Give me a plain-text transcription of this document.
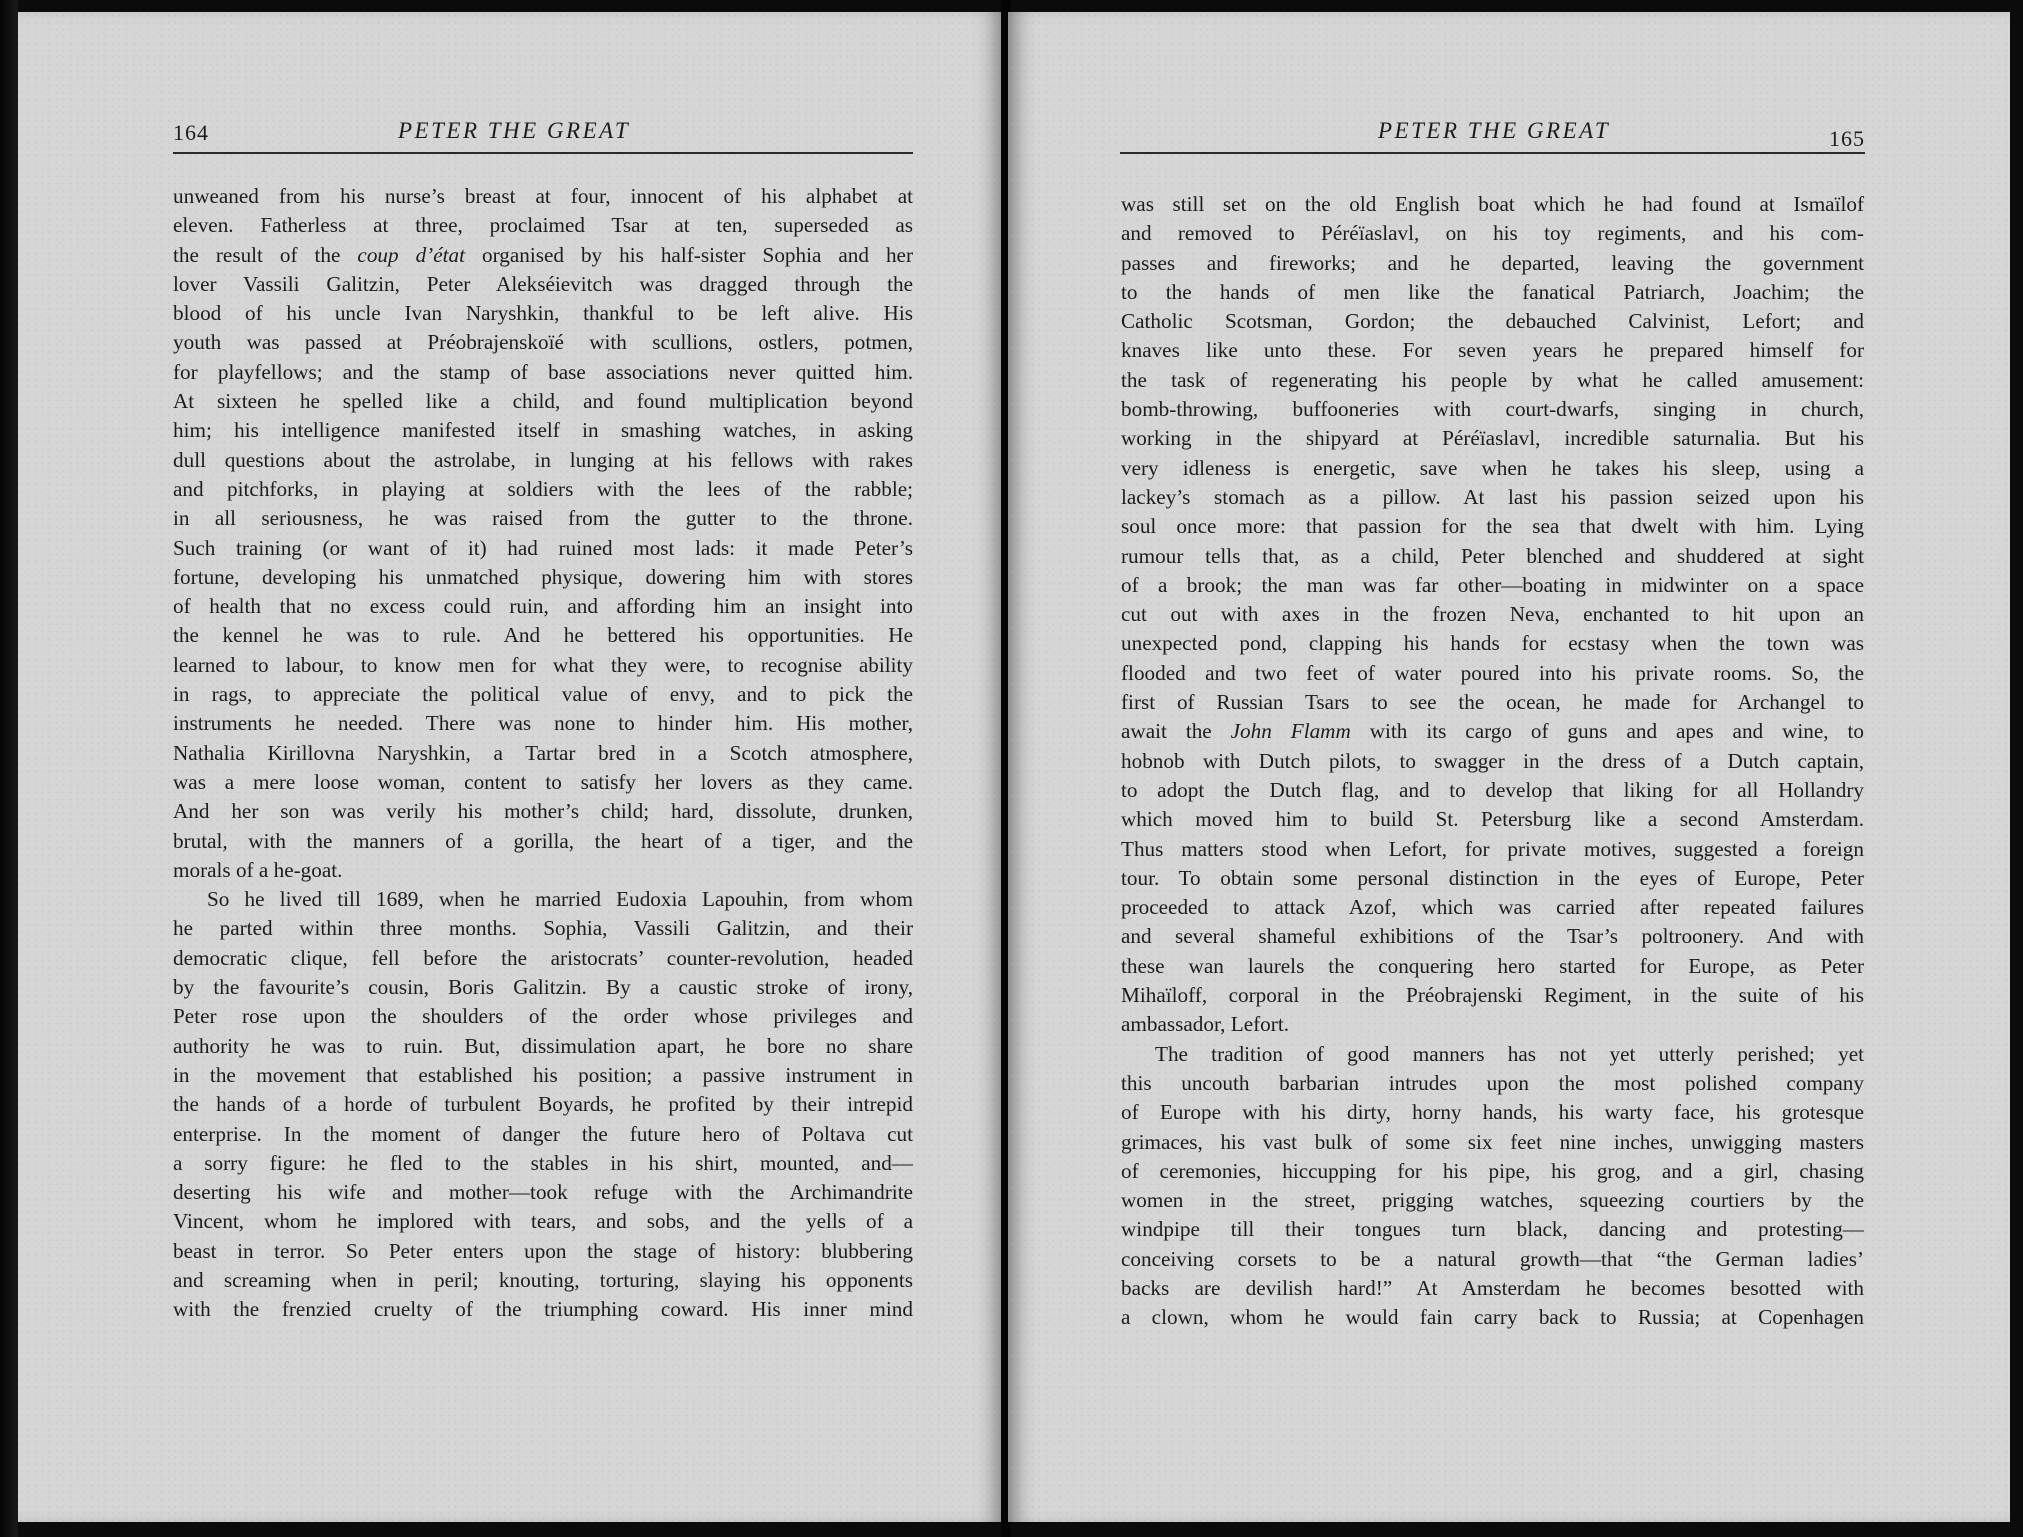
164	PETER THE GREAT

unweaned from his nurse’s breast at four, innocent of his alphabet at

eleven. Fatherless at three, proclaimed Tsar at ten, superseded as

the result of the coup d’état organised by his half-sister Sophia and her

lover Vassili Galitzin, Peter Alekséievitch was dragged through the

blood of his uncle Ivan Naryshkin, thankful to be left alive. His

youth was passed at Préobrajenskoïé with scullions, ostlers, potmen,

for playfellows; and the stamp of base associations never quitted him.

At sixteen he spelled like a child, and found multiplication beyond

him; his intelligence manifested itself in smashing watches, in asking

dull questions about the astrolabe, in lunging at his fellows with rakes

and pitchforks, in playing at soldiers with the lees of the rabble;

in all seriousness, he was raised from the gutter to the throne.

Such training (or want of it) had ruined most lads: it made Peter’s

fortune, developing his unmatched physique, dowering him with stores

of health that no excess could ruin, and affording him an insight into

the kennel he was to rule. And he bettered his opportunities. He

learned to labour, to know men for what they were, to recognise ability

in rags, to appreciate the political value of envy, and to pick the

instruments he needed. There was none to hinder him. His mother,

Nathalia Kirillovna Naryshkin, a Tartar bred in a Scotch atmosphere,

was a mere loose woman, content to satisfy her lovers as they came.

And her son was verily his mother’s child; hard, dissolute, drunken,

brutal, with the manners of a gorilla, the heart of a tiger, and the

morals of a he-goat.

So he lived till 1689, when he married Eudoxia Lapouhin, from whom

he parted within three months. Sophia, Vassili Galitzin, and their

democratic clique, fell before the aristocrats’ counter-revolution, headed

by the favourite’s cousin, Boris Galitzin. By a caustic stroke of irony,

Peter rose upon the shoulders of the order whose privileges and

authority he was to ruin. But, dissimulation apart, he bore no share

in the movement that established his position; a passive instrument in

the hands of a horde of turbulent Boyards, he profited by their intrepid

enterprise. In the moment of danger the future hero of Poltava cut

a sorry figure: he fled to the stables in his shirt, mounted, and—

deserting his wife and mother—took refuge with the Archimandrite

Vincent, whom he implored with tears, and sobs, and the yells of a

beast in terror. So Peter enters upon the stage of history: blubbering

and screaming when in peril; knouting, torturing, slaying his opponents

with the frenzied cruelty of the triumphing coward. His inner mind

PETER THE GREAT	165

was still set on the old English boat which he had found at Ismaïlof

and removed to Péréïaslavl, on his toy regiments, and his com-

passes and fireworks; and he departed, leaving the government

to the hands of men like the fanatical Patriarch, Joachim; the

Catholic Scotsman, Gordon; the debauched Calvinist, Lefort; and

knaves like unto these. For seven years he prepared himself for

the task of regenerating his people by what he called amusement:

bomb-throwing, buffooneries with court-dwarfs, singing in church,

working in the shipyard at Péréïaslavl, incredible saturnalia. But his

very idleness is energetic, save when he takes his sleep, using a

lackey’s stomach as a pillow. At last his passion seized upon his

soul once more: that passion for the sea that dwelt with him. Lying

rumour tells that, as a child, Peter blenched and shuddered at sight

of a brook; the man was far other—boating in midwinter on a space

cut out with axes in the frozen Neva, enchanted to hit upon an

unexpected pond, clapping his hands for ecstasy when the town was

flooded and two feet of water poured into his private rooms. So, the

first of Russian Tsars to see the ocean, he made for Archangel to

await the John Flamm with its cargo of guns and apes and wine, to

hobnob with Dutch pilots, to swagger in the dress of a Dutch captain,

to adopt the Dutch flag, and to develop that liking for all Hollandry

which moved him to build St. Petersburg like a second Amsterdam.

Thus matters stood when Lefort, for private motives, suggested a foreign

tour. To obtain some personal distinction in the eyes of Europe, Peter

proceeded to attack Azof, which was carried after repeated failures

and several shameful exhibitions of the Tsar’s poltroonery. And with

these wan laurels the conquering hero started for Europe, as Peter

Mihaïloff, corporal in the Préobrajenski Regiment, in the suite of his

ambassador, Lefort.

The tradition of good manners has not yet utterly perished; yet

this uncouth barbarian intrudes upon the most polished company

of Europe with his dirty, horny hands, his warty face, his grotesque

grimaces, his vast bulk of some six feet nine inches, unwigging masters

of ceremonies, hiccupping for his pipe, his grog, and a girl, chasing

women in the street, prigging watches, squeezing courtiers by the

windpipe till their tongues turn black, dancing and protesting—

conceiving corsets to be a natural growth—that “the German ladies’

backs are devilish hard!” At Amsterdam he becomes besotted with

a clown, whom he would fain carry back to Russia; at Copenhagen
